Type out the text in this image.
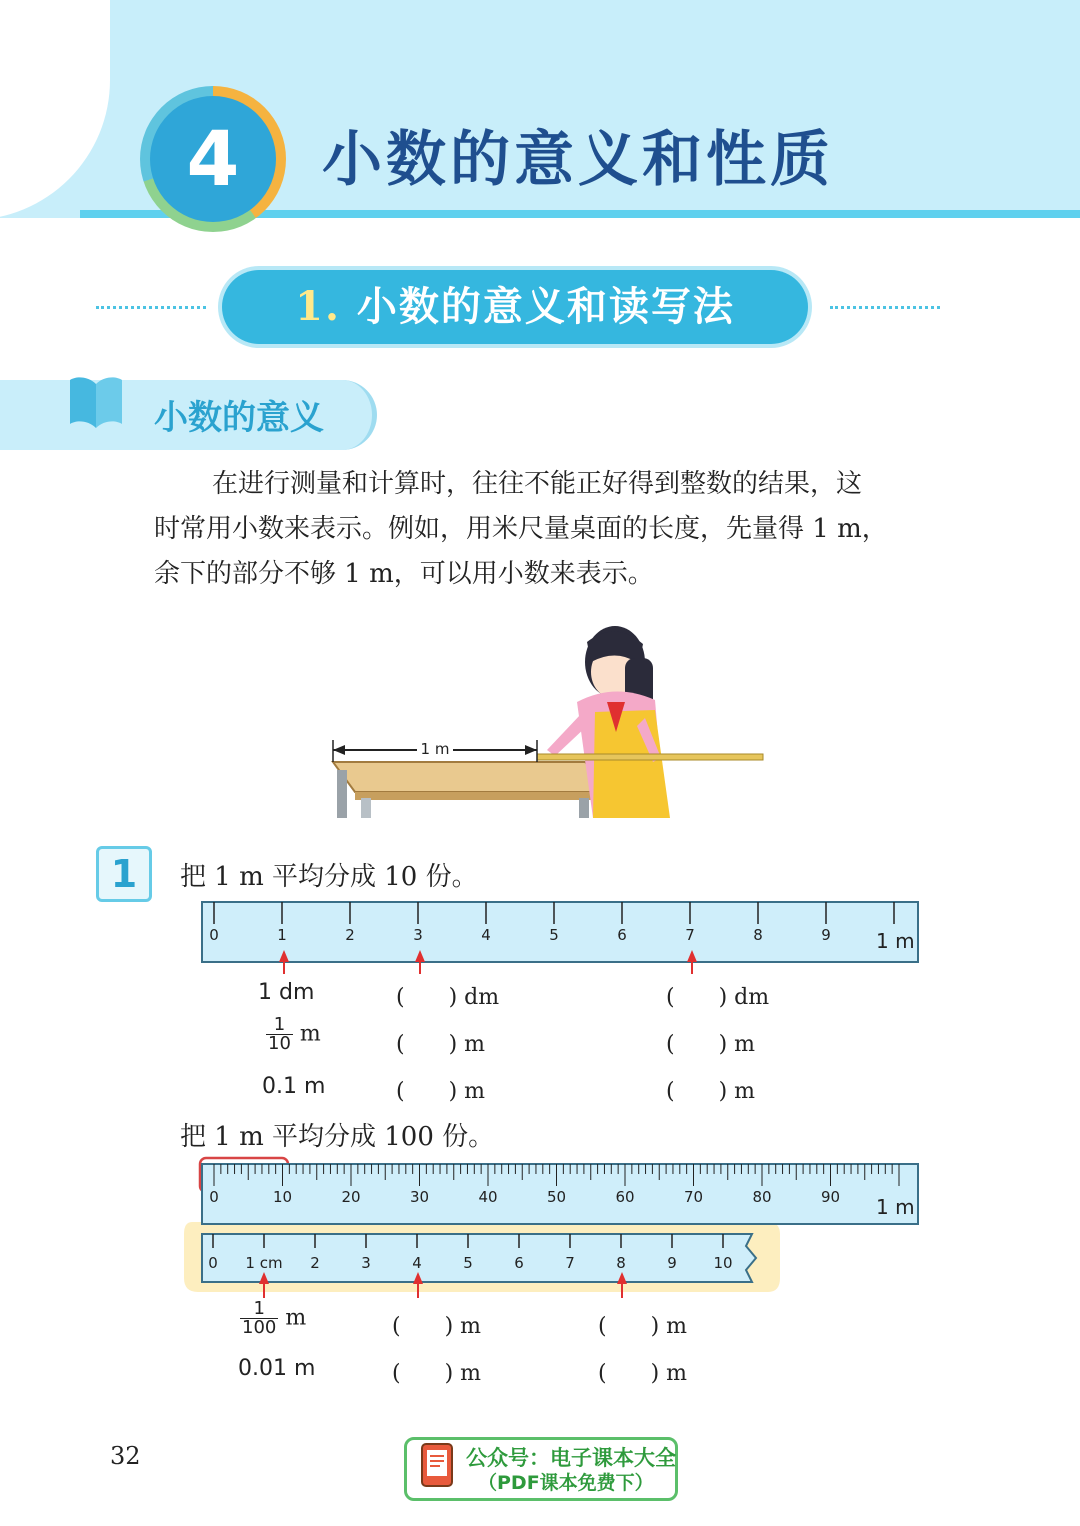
4	小数的意义和性质
1. 小数的意义和读写法
小数的意义

在进行测量和计算时，往往不能正好得到整数的结果，这

时常用小数来表示。例如，用米尺量桌面的长度，先量得 1 m，

余下的部分不够 1 m，可以用小数来表示。

1 m
1	把 1 m 平均分成 10 份。
0	1	2	3	4	5	6	7	8	9 1 m
1 dm	(　　) dm	(　　) dm
$\frac{1}{10}$ m	(　　) m	(　　) m
0.1 m	(　　) m	(　　) m
把 1 m 平均分成 100 份。
0	10	20	30	40	50	60	70	80	90 1 m
0 1 cm 2	3	4	5	6	7	8	9 10
$\frac{1}{100}$ m	(　　) m	(　　) m
0.01 m	(　　) m	(　　) m
32	公众号：电子课本大全
（PDF课本免费下）
